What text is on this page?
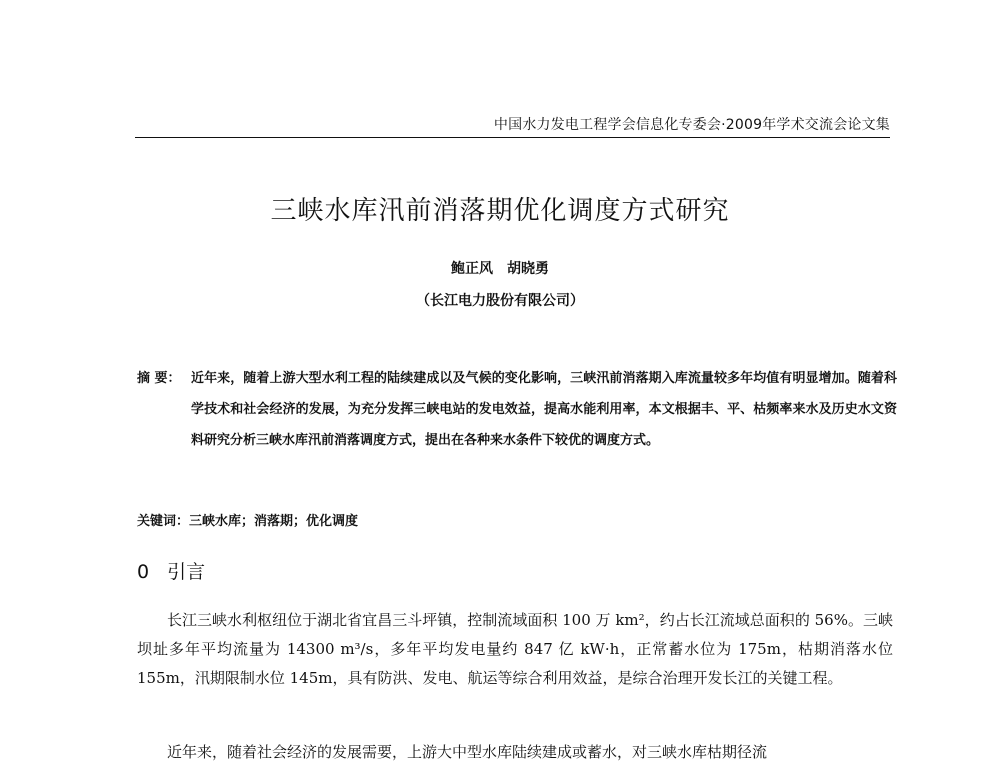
中国水力发电工程学会信息化专委会·2009年学术交流会论文集
三峡水库汛前消落期优化调度方式研究
鲍正风 胡晓勇
（长江电力股份有限公司）
摘 要： 近年来，随着上游大型水利工程的陆续建成以及气候的变化影响，三峡汛前消落期入库流量较多年均值有明显增加。随着科学技术和社会经济的发展，为充分发挥三峡电站的发电效益，提高水能利用率，本文根据丰、平、枯频率来水及历史水文资料研究分析三峡水库汛前消落调度方式，提出在各种来水条件下较优的调度方式。
关键词：三峡水库；消落期；优化调度
0 引言
长江三峡水利枢纽位于湖北省宜昌三斗坪镇，控制流域面积 100 万 km²，约占长江流域总面积的 56%。三峡坝址多年平均流量为 14300 m³/s，多年平均发电量约 847 亿 kW·h，正常蓄水位为 175m，枯期消落水位 155m，汛期限制水位 145m，具有防洪、发电、航运等综合利用效益，是综合治理开发长江的关键工程。
近年来，随着社会经济的发展需要，上游大中型水库陆续建成或蓄水，对三峡水库枯期径流
